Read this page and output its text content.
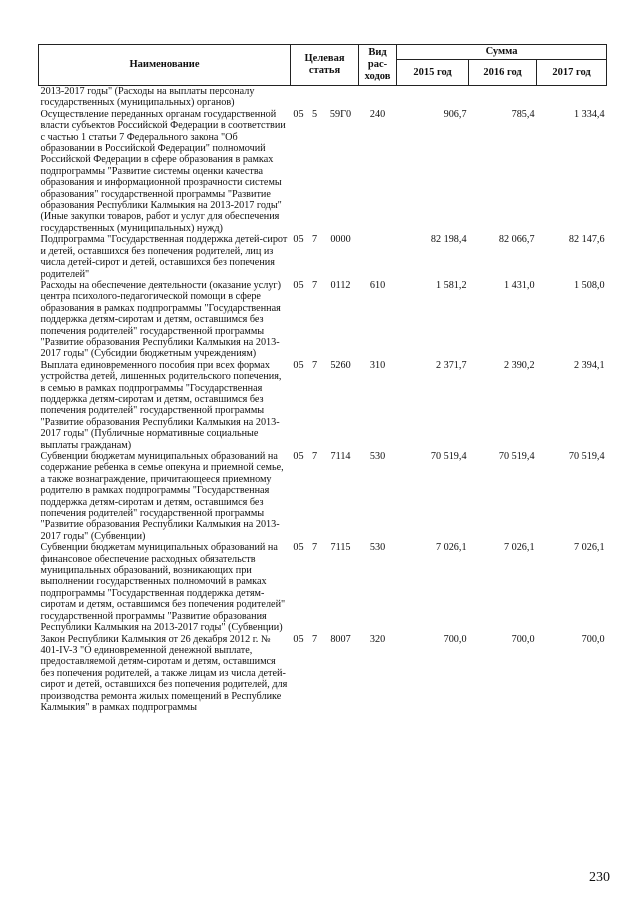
Наименование	Целевая статья			Вид рас-ходов	Сумма		
					2015 год	2016 год	2017 год
2013-2017 годы" (Расходы на выплаты персоналу государственных (муниципальных) органов)							
Осуществление переданных органам государственной власти субъектов Российской Федерации в соответствии с частью 1 статьи 7 Федерального закона "Об образовании в Российской Федерации" полномочий Российской Федерации в сфере образования в рамках подпрограммы "Развитие системы оценки качества образования и информационной прозрачности системы образования" государственной программы "Развитие образования Республики Калмыкия на 2013-2017 годы" (Иные закупки товаров, работ и услуг для обеспечения государственных (муниципальных) нужд)	05	5	59Г0	240	906,7	785,4	1 334,4
Подпрограмма "Государственная поддержка детей-сирот и детей, оставшихся без попечения родителей, лиц из числа детей-сирот и детей, оставшихся без попечения родителей"	05	7	0000		82 198,4	82 066,7	82 147,6
Расходы на обеспечение деятельности (оказание услуг) центра психолого-педагогической помощи в сфере образования в рамках подпрограммы "Государственная поддержка детям-сиротам и детям, оставшимся без попечения родителей" государственной программы "Развитие образования Республики Калмыкия на 2013-2017 годы" (Субсидии бюджетным учреждениям)	05	7	0112	610	1 581,2	1 431,0	1 508,0
Выплата единовременного пособия при всех формах устройства детей, лишенных родительского попечения, в семью в рамках подпрограммы "Государственная поддержка детям-сиротам и детям, оставшимся без попечения родителей" государственной программы "Развитие образования Республики Калмыкия на 2013-2017 годы" (Публичные нормативные социальные выплаты гражданам)	05	7	5260	310	2 371,7	2 390,2	2 394,1
Субвенции бюджетам муниципальных образований на содержание ребенка в семье опекуна и приемной семье, а также вознаграждение, причитающееся приемному родителю в рамках подпрограммы "Государственная поддержка детям-сиротам и детям, оставшимся без попечения родителей" государственной программы "Развитие образования Республики Калмыкия на 2013-2017 годы" (Субвенции)	05	7	7114	530	70 519,4	70 519,4	70 519,4
Субвенции бюджетам муниципальных образований на финансовое обеспечение расходных обязательств муниципальных образований, возникающих при выполнении государственных полномочий в рамках подпрограммы "Государственная поддержка детям-сиротам и детям, оставшимся без попечения родителей" государственной программы "Развитие образования Республики Калмыкия на 2013-2017 годы" (Субвенции)	05	7	7115	530	7 026,1	7 026,1	7 026,1
Закон Республики Калмыкия от 26 декабря 2012 г. № 401-IV-З "О единовременной денежной выплате, предоставляемой детям-сиротам и детям, оставшимся без попечения родителей, а также лицам из числа детей-сирот и детей, оставшихся без попечения родителей, для производства ремонта жилых помещений в Республике Калмыкия" в рамках подпрограммы	05	7	8007	320	700,0	700,0	700,0
230
